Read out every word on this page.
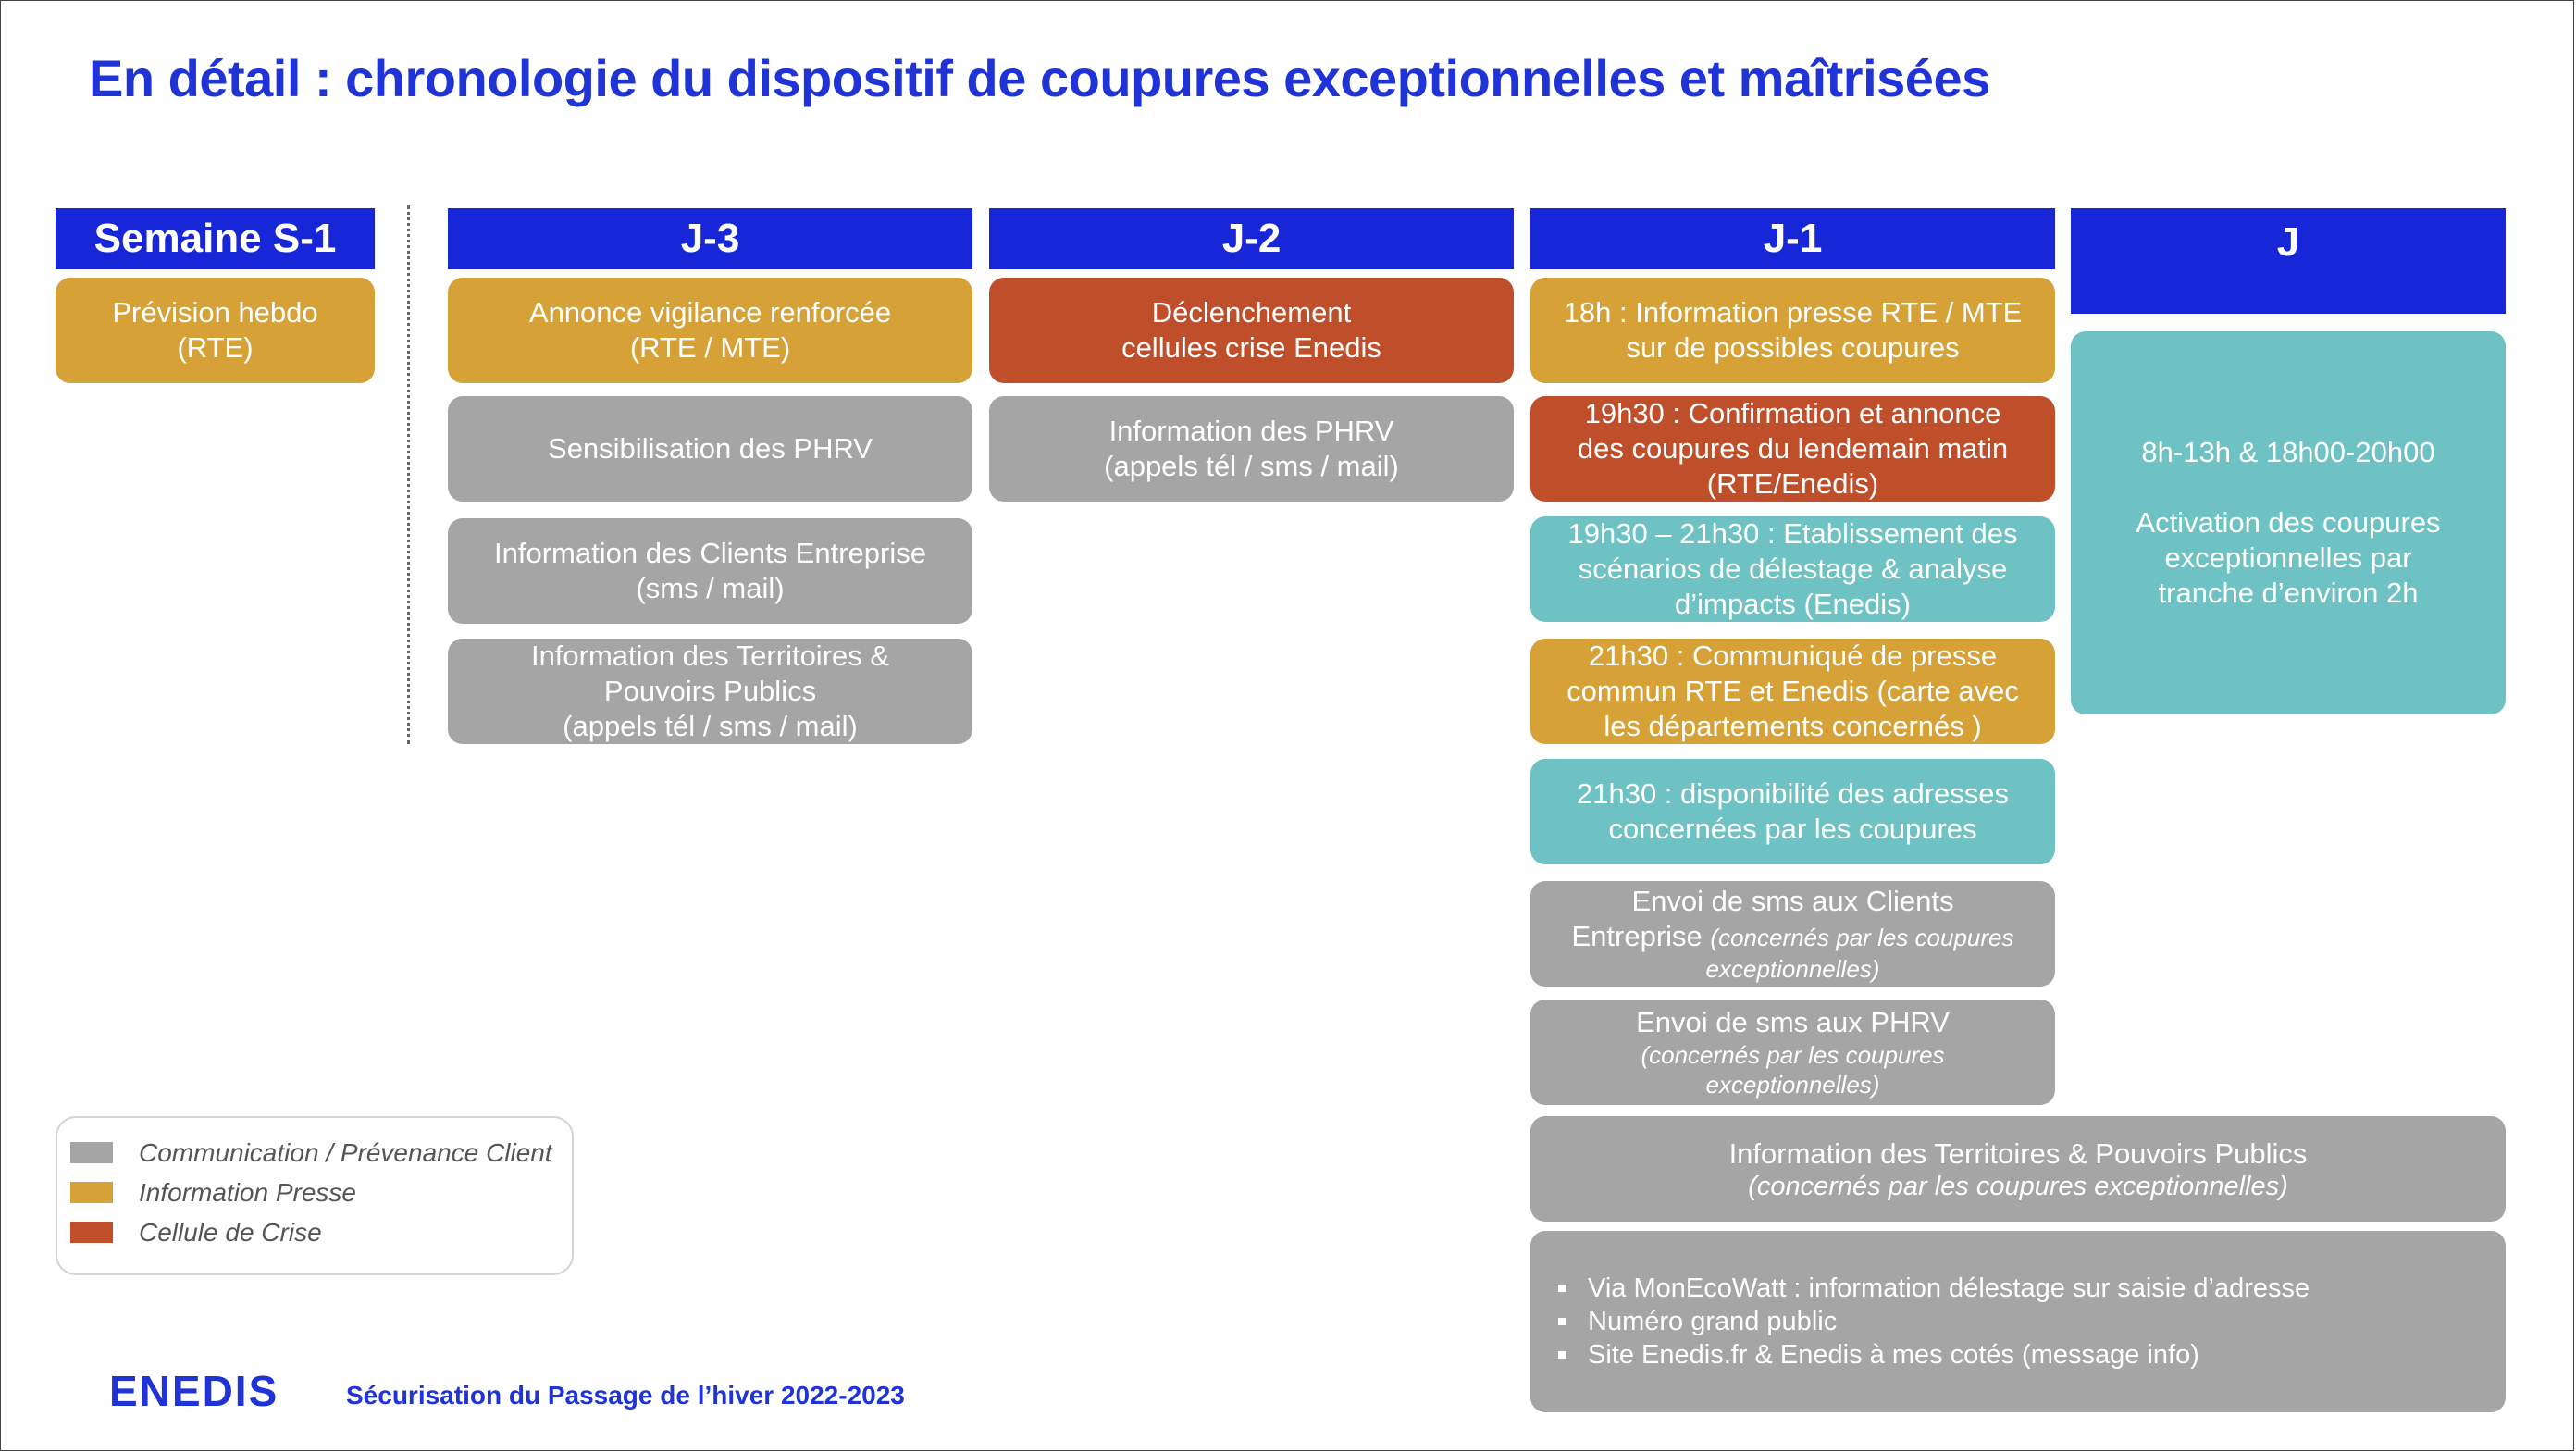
En détail : chronologie du dispositif de coupures exceptionnelles et maîtrisées
Semaine S-1	J-3	J-2	J-1	J
Prévision hebdo
(RTE)
Annonce vigilance renforcée
(RTE / MTE)
Sensibilisation des PHRV
Information des Clients Entreprise
(sms / mail)
Information des Territoires &
Pouvoirs Publics
(appels tél / sms / mail)
Déclenchement
cellules crise Enedis
Information des PHRV
(appels tél / sms / mail)
18h : Information presse RTE / MTE
sur de possibles coupures
19h30 : Confirmation et annonce
des coupures du lendemain matin
(RTE/Enedis)
19h30 – 21h30 : Etablissement des
scénarios de délestage & analyse
d’impacts (Enedis)
21h30 : Communiqué de presse
commun RTE et Enedis (carte avec
les départements concernés )
21h30 : disponibilité des adresses
concernées par les coupures
Envoi de sms aux Clients
Entreprise (concernés par les coupures
exceptionnelles)
Envoi de sms aux PHRV
(concernés par les coupures
exceptionnelles)
8h-13h & 18h00-20h00
Activation des coupures
exceptionnelles par
tranche d’environ 2h
Information des Territoires & Pouvoirs Publics
(concernés par les coupures exceptionnelles)
Via MonEcoWatt : information délestage sur saisie d’adresse
Numéro grand public
Site Enedis.fr & Enedis à mes cotés (message info)
Communication / Prévenance Client
Information Presse
Cellule de Crise
ENEDIS	Sécurisation du Passage de l’hiver 2022-2023
